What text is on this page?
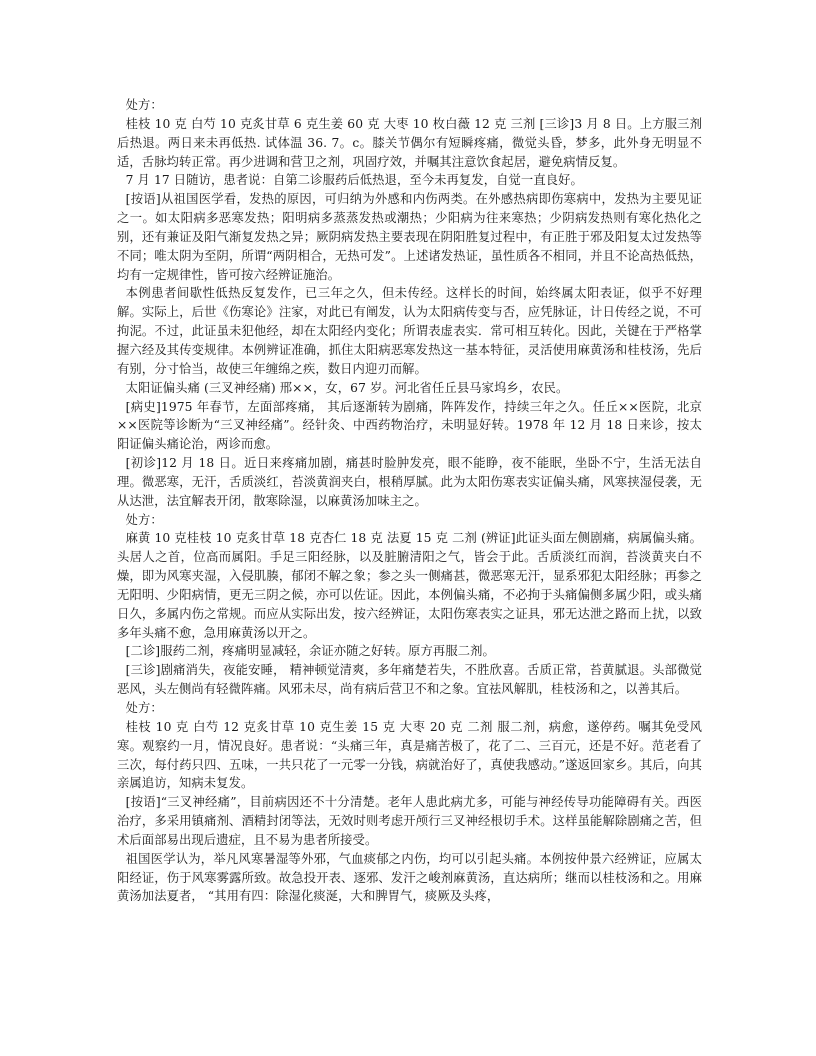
处方：

桂枝 10 克 白芍 10 克炙甘草 6 克生姜 60 克 大枣 10 枚白薇 12 克 三剂 [三诊]3 月 8 日。上方服三剂后热退。两日来未再低热. 试体温 36. 7。c。膝关节偶尔有短瞬疼痛，微觉头昏，梦多，此外身无明显不适，舌脉均转正常。再少进调和营卫之剂，巩固疗效，并嘱其注意饮食起居，避免病情反复。

7 月 17 日随访，患者说：自第二诊服药后低热退，至今未再复发，自觉一直良好。

[按语]从祖国医学看，发热的原因，可归纳为外感和内伤两类。在外感热病即伤寒病中，发热为主要见证之一。如太阳病多恶寒发热；阳明病多蒸蒸发热或潮热；少阳病为往来寒热；少阴病发热则有寒化热化之别，还有兼证及阳气渐复发热之异；厥阴病发热主要表现在阴阳胜复过程中，有正胜于邪及阳复太过发热等不同；唯太阴为至阴，所谓“两阴相合，无热可发”。上述诸发热证，虽性质各不相同，并且不论高热低热，均有一定规律性，皆可按六经辨证施治。

本例患者间歇性低热反复发作，已三年之久，但未传经。这样长的时间，始终属太阳表证，似乎不好理解。实际上，后世《伤寒论》注家，对此已有阐发，认为太阳病传变与否，应凭脉证，计日传经之说，不可拘泥。不过，此证虽未犯他经，却在太阳经内变化；所谓表虚表实．常可相互转化。因此，关键在于严格掌握六经及其传变规律。本例辨证准确，抓住太阳病恶寒发热这一基本特征，灵活使用麻黄汤和桂枝汤，先后有别，分寸恰当，故使三年缠绵之疾，数日内迎刃而解。

太阳证偏头痛 (三叉神经痛) 邢××，女，67 岁。河北省任丘县马家坞乡，农民。

[病史]1975 年春节，左面部疼痛， 其后逐渐转为剧痛，阵阵发作，持续三年之久。任丘××医院，北京××医院等诊断为“三叉神经痛”。经针灸、中西药物治疗，未明显好转。1978 年 12 月 18 日来诊，按太阳证偏头痛论治，两诊而愈。

[初诊]12 月 18 日。近日来疼痛加剧，痛甚时脸肿发亮，眼不能睁，夜不能眠，坐卧不宁，生活无法自理。微恶寒，无汗，舌质淡红，苔淡黄润夹白，根稍厚腻。此为太阳伤寒表实证偏头痛，风寒挟湿侵袭，无从达泄，法宜解表开闭，散寒除湿，以麻黄汤加味主之。

处方：

麻黄 10 克桂枝 10 克炙甘草 18 克杏仁 18 克 法夏 15 克 二剂 (辨证]此证头面左侧剧痛，病属偏头痛。 头居人之首，位高而属阳。手足三阳经脉，以及脏腑清阳之气，皆会于此。舌质淡红而润，苔淡黄夹白不燥，即为风寒夹湿，入侵肌腠，郁闭不解之象；参之头一侧痛甚，微恶寒无汗，显系邪犯太阳经脉；再参之无阳明、少阳病情，更无三阴之候，亦可以佐证。因此，本例偏头痛，不必拘于头痛偏侧多属少阳，或头痛日久，多属内伤之常规。而应从实际出发，按六经辨证，太阳伤寒表实之证具，邪无达泄之路而上扰，以致多年头痛不愈，急用麻黄汤以开之。

[二诊]服药二剂，疼痛明显减轻，余证亦随之好转。原方再服二剂。

[三诊]剧痛消失，夜能安睡， 精神顿觉清爽，多年痛楚若失，不胜欣喜。舌质正常，苔黄腻退。头部微觉恶风，头左侧尚有轻微阵痛。风邪未尽，尚有病后营卫不和之象。宜祛风解肌，桂枝汤和之，以善其后。

处方：

桂枝 10 克 白芍 12 克炙甘草 10 克生姜 15 克 大枣 20 克 二剂 服二剂，病愈，遂停药。嘱其免受风寒。观察约一月，情况良好。患者说：“头痛三年，真是痛苦极了，花了二、三百元，还是不好。范老看了三次，每付药只四、五味，一共只花了一元零一分钱，病就治好了，真使我感动。”遂返回家乡。其后，向其亲属追访，知病未复发。

[按语]“三叉神经痛”，目前病因还不十分清楚。老年人患此病尤多，可能与神经传导功能障碍有关。西医治疗，多采用镇痛剂、酒精封闭等法，无效时则考虑开颅行三叉神经根切手术。这样虽能解除剧痛之苦，但术后面部易出现后遗症，且不易为患者所接受。

祖国医学认为，举凡风寒暑湿等外邪，气血痰郁之内伤，均可以引起头痛。本例按仲景六经辨证，应属太阳经证，伤于风寒雾露所致。故急投开表、逐邪、发汗之峻剂麻黄汤，直达病所；继而以桂枝汤和之。用麻黄汤加法夏者， “其用有四：除湿化痰涎，大和脾胃气，痰厥及头疼，
